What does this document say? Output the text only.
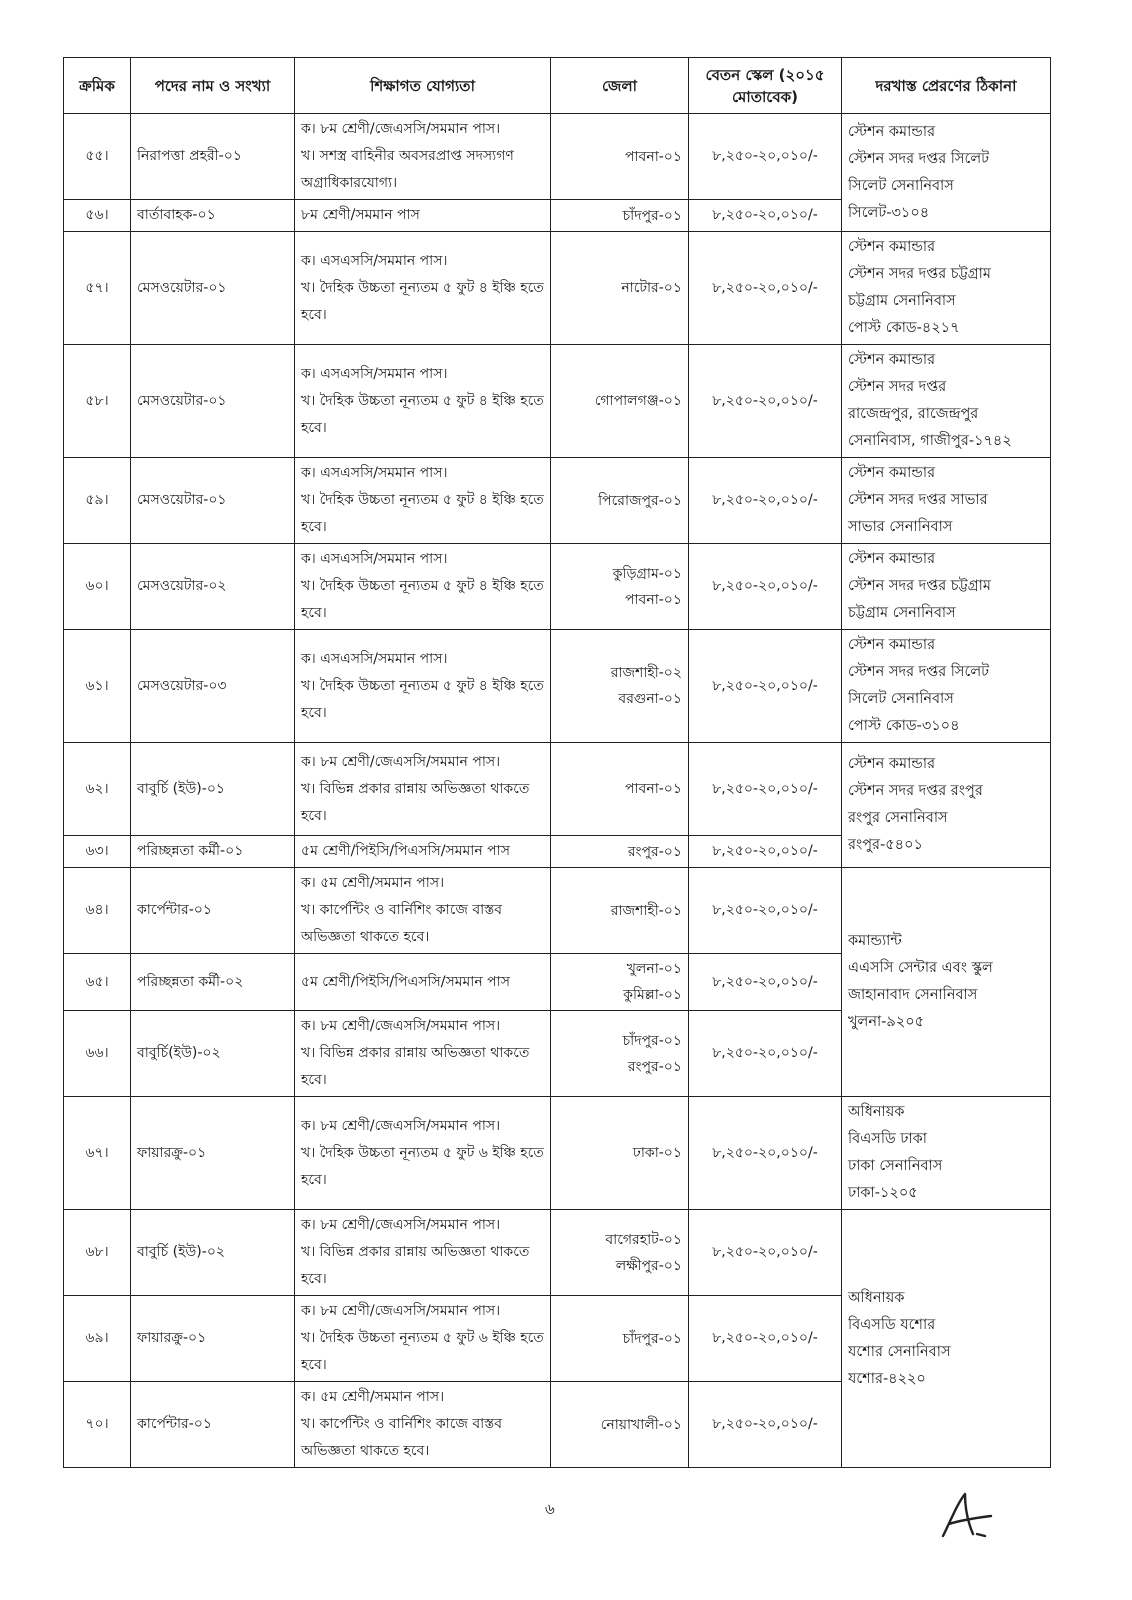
ক্রমিক	পদের নাম ও সংখ্যা	শিক্ষাগত যোগ্যতা	জেলা	বেতন স্কেল (২০১৫ মোতাবেক)	দরখাস্ত প্রেরণের ঠিকানা
৫৫।	নিরাপত্তা প্রহরী-০১	ক। ৮ম শ্রেণী/জেএসসি/সমমান পাস।
খ। সশস্ত্র বাহিনীর অবসরপ্রাপ্ত সদস্যগণ অগ্রাধিকারযোগ্য।	পাবনা-০১	৮,২৫০-২০,০১০/-	স্টেশন কমান্ডার
স্টেশন সদর দপ্তর সিলেট
সিলেট সেনানিবাস
সিলেট-৩১০৪

৫৬।	বার্তাবাহক-০১	৮ম শ্রেণী/সমমান পাস	চাঁদপুর-০১	৮,২৫০-২০,০১০/-	
৫৭।	মেসওয়েটার-০১	ক। এসএসসি/সমমান পাস।
খ। দৈহিক উচ্চতা নূন্যতম ৫ ফুট ৪ ইঞ্চি হতে হবে।	নাটোর-০১	৮,২৫০-২০,০১০/-	স্টেশন কমান্ডার
স্টেশন সদর দপ্তর চট্টগ্রাম
চট্টগ্রাম সেনানিবাস
পোস্ট কোড-৪২১৭

৫৮।	মেসওয়েটার-০১	ক। এসএসসি/সমমান পাস।
খ। দৈহিক উচ্চতা নূন্যতম ৫ ফুট ৪ ইঞ্চি হতে হবে।	গোপালগঞ্জ-০১	৮,২৫০-২০,০১০/-	স্টেশন কমান্ডার
স্টেশন সদর দপ্তর
রাজেন্দ্রপুর, রাজেন্দ্রপুর
সেনানিবাস, গাজীপুর-১৭৪২

৫৯।	মেসওয়েটার-০১	ক। এসএসসি/সমমান পাস।
খ। দৈহিক উচ্চতা নূন্যতম ৫ ফুট ৪ ইঞ্চি হতে হবে।	পিরোজপুর-০১	৮,২৫০-২০,০১০/-	স্টেশন কমান্ডার
স্টেশন সদর দপ্তর সাভার
সাভার সেনানিবাস

৬০।	মেসওয়েটার-০২	ক। এসএসসি/সমমান পাস।
খ। দৈহিক উচ্চতা নূন্যতম ৫ ফুট ৪ ইঞ্চি হতে হবে।	কুড়িগ্রাম-০১
পাবনা-০১	৮,২৫০-২০,০১০/-	স্টেশন কমান্ডার
স্টেশন সদর দপ্তর চট্টগ্রাম
চট্টগ্রাম সেনানিবাস

৬১।	মেসওয়েটার-০৩	ক। এসএসসি/সমমান পাস।
খ। দৈহিক উচ্চতা নূন্যতম ৫ ফুট ৪ ইঞ্চি হতে হবে।	রাজশাহী-০২
বরগুনা-০১	৮,২৫০-২০,০১০/-	স্টেশন কমান্ডার
স্টেশন সদর দপ্তর সিলেট
সিলেট সেনানিবাস
পোস্ট কোড-৩১০৪

৬২।	বাবুর্চি (ইউ)-০১	ক। ৮ম শ্রেণী/জেএসসি/সমমান পাস।
খ। বিভিন্ন প্রকার রান্নায় অভিজ্ঞতা থাকতে হবে।	পাবনা-০১	৮,২৫০-২০,০১০/-	স্টেশন কমান্ডার
স্টেশন সদর দপ্তর রংপুর
রংপুর সেনানিবাস
রংপুর-৫৪০১

৬৩।	পরিচ্ছন্নতা কর্মী-০১	৫ম শ্রেণী/পিইসি/পিএসসি/সমমান পাস	রংপুর-০১	৮,২৫০-২০,০১০/-	
৬৪।	কার্পেন্টার-০১	ক। ৫ম শ্রেণী/সমমান পাস।
খ। কার্পেন্টিং ও বার্নিশিং কাজে বাস্তব অভিজ্ঞতা থাকতে হবে।	রাজশাহী-০১	৮,২৫০-২০,০১০/-	কমান্ড্যান্ট
এএসসি সেন্টার এবং স্কুল
জাহানাবাদ সেনানিবাস
খুলনা-৯২০৫

৬৫।	পরিচ্ছন্নতা কর্মী-০২	৫ম শ্রেণী/পিইসি/পিএসসি/সমমান পাস	খুলনা-০১
কুমিল্লা-০১	৮,২৫০-২০,০১০/-	
৬৬।	বাবুর্চি(ইউ)-০২	ক। ৮ম শ্রেণী/জেএসসি/সমমান পাস।
খ। বিভিন্ন প্রকার রান্নায় অভিজ্ঞতা থাকতে হবে।	চাঁদপুর-০১
রংপুর-০১	৮,২৫০-২০,০১০/-	
৬৭।	ফায়ারক্রু-০১	ক। ৮ম শ্রেণী/জেএসসি/সমমান পাস।
খ। দৈহিক উচ্চতা নূন্যতম ৫ ফুট ৬ ইঞ্চি হতে হবে।	ঢাকা-০১	৮,২৫০-২০,০১০/-	অধিনায়ক
বিএসডি ঢাকা
ঢাকা সেনানিবাস
ঢাকা-১২০৫

৬৮।	বাবুর্চি (ইউ)-০২	ক। ৮ম শ্রেণী/জেএসসি/সমমান পাস।
খ। বিভিন্ন প্রকার রান্নায় অভিজ্ঞতা থাকতে হবে।	বাগেরহাট-০১
লক্ষীপুর-০১	৮,২৫০-২০,০১০/-	অধিনায়ক
বিএসডি যশোর
যশোর সেনানিবাস
যশোর-৪২২০

৬৯।	ফায়ারক্রু-০১	ক। ৮ম শ্রেণী/জেএসসি/সমমান পাস।
খ। দৈহিক উচ্চতা নূন্যতম ৫ ফুট ৬ ইঞ্চি হতে হবে।	চাঁদপুর-০১	৮,২৫০-২০,০১০/-	
৭০।	কার্পেন্টার-০১	ক। ৫ম শ্রেণী/সমমান পাস।
খ। কার্পেন্টিং ও বার্নিশিং কাজে বাস্তব অভিজ্ঞতা থাকতে হবে।	নোয়াখালী-০১	৮,২৫০-২০,০১০/-	
৬
